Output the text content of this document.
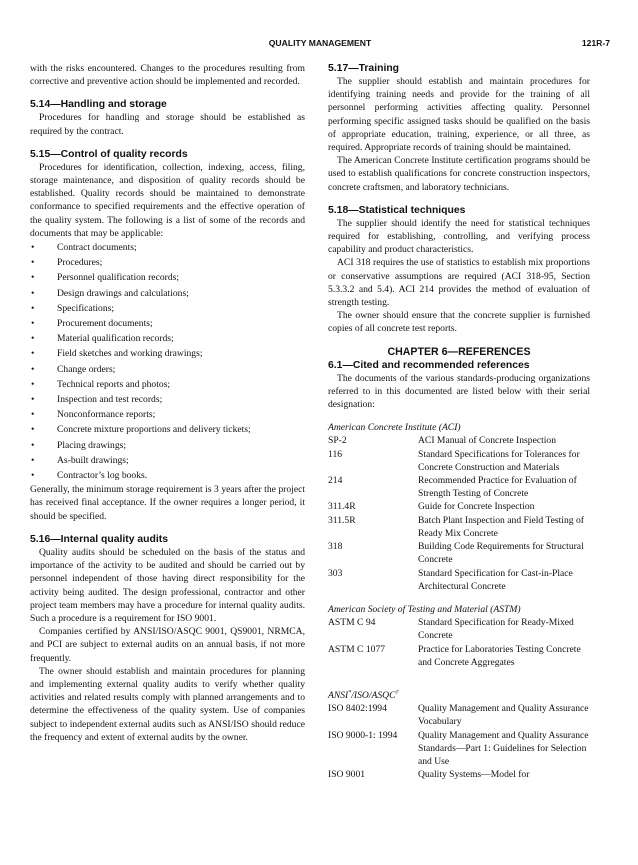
QUALITY MANAGEMENT	121R-7

with the risks encountered. Changes to the procedures resulting from corrective and preventive action should be implemented and recorded.

5.14—Handling and storage

Procedures for handling and storage should be established as required by the contract.

5.15—Control of quality records

Procedures for identification, collection, indexing, access, filing, storage maintenance, and disposition of quality records should be established. Quality records should be maintained to demonstrate conformance to specified requirements and the effective operation of the quality system. The following is a list of some of the records and documents that may be applicable:

• Contract documents;
• Procedures;
• Personnel qualification records;
• Design drawings and calculations;
• Specifications;
• Procurement documents;
• Material qualification records;
• Field sketches and working drawings;
• Change orders;
• Technical reports and photos;
• Inspection and test records;
• Nonconformance reports;
• Concrete mixture proportions and delivery tickets;
• Placing drawings;
• As-built drawings;
• Contractor’s log books.

Generally, the minimum storage requirement is 3 years after the project has received final acceptance. If the owner requires a longer period, it should be specified.

5.16—Internal quality audits

Quality audits should be scheduled on the basis of the status and importance of the activity to be audited and should be carried out by personnel independent of those having direct responsibility for the activity being audited. The design professional, contractor and other project team members may have a procedure for internal quality audits. Such a procedure is a requirement for ISO 9001.

Companies certified by ANSI/ISO/ASQC 9001, QS9001, NRMCA, and PCI are subject to external audits on an annual basis, if not more frequently.

The owner should establish and maintain procedures for planning and implementing external quality audits to verify whether quality activities and related results comply with planned arrangements and to determine the effectiveness of the quality system. Use of companies subject to independent external audits such as ANSI/ISO should reduce the frequency and extent of external audits by the owner.

5.17—Training

The supplier should establish and maintain procedures for identifying training needs and provide for the training of all personnel performing activities affecting quality. Personnel performing specific assigned tasks should be qualified on the basis of appropriate education, training, experience, or all three, as required. Appropriate records of training should be maintained.

The American Concrete Institute certification programs should be used to establish qualifications for concrete construction inspectors, concrete craftsmen, and laboratory technicians.

5.18—Statistical techniques

The supplier should identify the need for statistical techniques required for establishing, controlling, and verifying process capability and product characteristics.

ACI 318 requires the use of statistics to establish mix proportions or conservative assumptions are required (ACI 318-95, Section 5.3.3.2 and 5.4). ACI 214 provides the method of evaluation of strength testing.

The owner should ensure that the concrete supplier is furnished copies of all concrete test reports.

CHAPTER 6—REFERENCES
6.1—Cited and recommended references

The documents of the various standards-producing organizations referred to in this documented are listed below with their serial designation:

American Concrete Institute (ACI)
SP-2	ACI Manual of Concrete Inspection
116	Standard Specifications for Tolerances for Concrete Construction and Materials
214	Recommended Practice for Evaluation of Strength Testing of Concrete
311.4R	Guide for Concrete Inspection
311.5R	Batch Plant Inspection and Field Testing of Ready Mix Concrete
318	Building Code Requirements for Structural Concrete
303	Standard Specification for Cast-in-Place Architectural Concrete
American Society of Testing and Material (ASTM)
ASTM C 94	Standard Specification for Ready-Mixed Concrete
ASTM C 1077	Practice for Laboratories Testing Concrete and Concrete Aggregates
ANSI*/ISO/ASQC†
ISO 8402:1994	Quality Management and Quality Assurance Vocabulary
ISO 9000-1: 1994	Quality Management and Quality Assurance Standards—Part 1: Guidelines for Selection and Use
ISO 9001	Quality Systems—Model for
